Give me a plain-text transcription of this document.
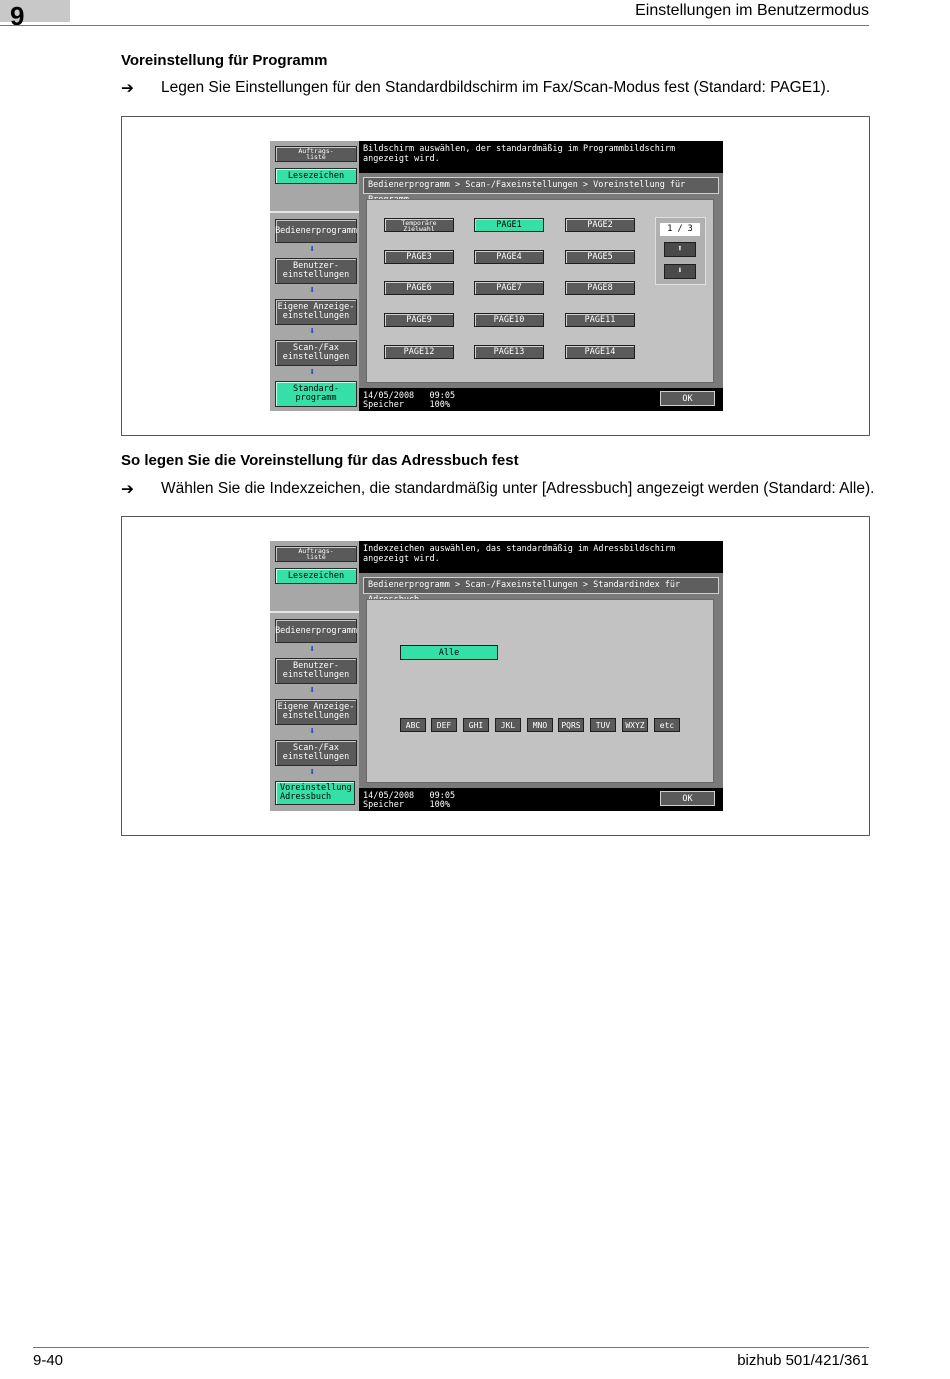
9	Einstellungen im Benutzermodus
Voreinstellung für Programm
➔ Legen Sie Einstellungen für den Standardbildschirm im Fax/Scan-Modus fest (Standard: PAGE1).
Auftrags-
liste
Lesezeichen
Bedienerprogramm
⬇
Benutzer-
einstellungen
⬇
Eigene Anzeige-
einstellungen
⬇
Scan-/Fax
einstellungen
⬇
Standard-
programm
Bildschirm auswählen, der standardmäßig im Programmbildschirm angezeigt wird.
Bedienerprogramm > Scan-/Faxeinstellungen > Voreinstellung für
Temporäre Zielwahl	PAGE1	PAGE2
PAGE3	PAGE4	PAGE5
PAGE6	PAGE7	PAGE8
PAGE9	PAGE10	PAGE11
PAGE12	PAGE13	PAGE14
1 / 3
⬆
⬇
14/05/2008 09:05
Speicher	100%
OK
So legen Sie die Voreinstellung für das Adressbuch fest
➔ Wählen Sie die Indexzeichen, die standardmäßig unter [Adressbuch] angezeigt werden (Standard: Alle).
Auftrags-
liste
Lesezeichen
Bedienerprogramm
⬇
Benutzer-
einstellungen
⬇
Eigene Anzeige-
einstellungen
⬇
Scan-/Fax
einstellungen
⬇
Voreinstellung
Adressbuch
Indexzeichen auswählen, das standardmäßig im Adressbildschirm angezeigt wird.
Bedienerprogramm > Scan-/Faxeinstellungen > Standardindex für
Alle
ABC	DEF	GHI	JKL	MNO	PQRS	TUV	WXYZ	etc
14/05/2008 09:05
Speicher	100%
OK
9-40	bizhub 501/421/361
